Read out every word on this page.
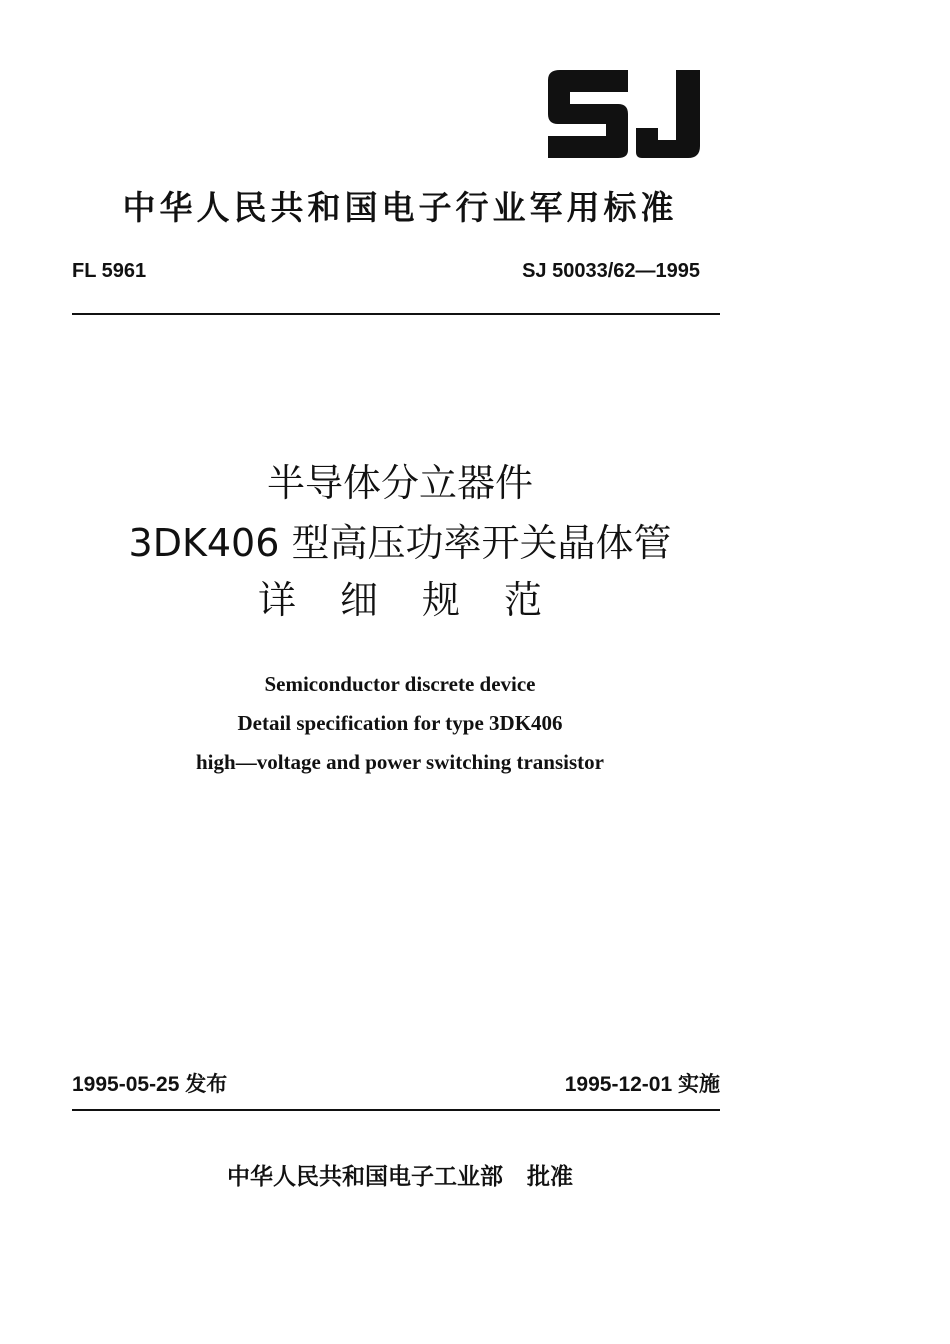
中华人民共和国电子行业军用标准
FL 5961	SJ 50033/62—1995
半导体分立器件
3DK406 型高压功率开关晶体管
详细规范
Semiconductor discrete device
Detail specification for type 3DK406
high—voltage and power switching transistor
1995-05-25 发布	1995-12-01 实施
中华人民共和国电子工业部 批准
